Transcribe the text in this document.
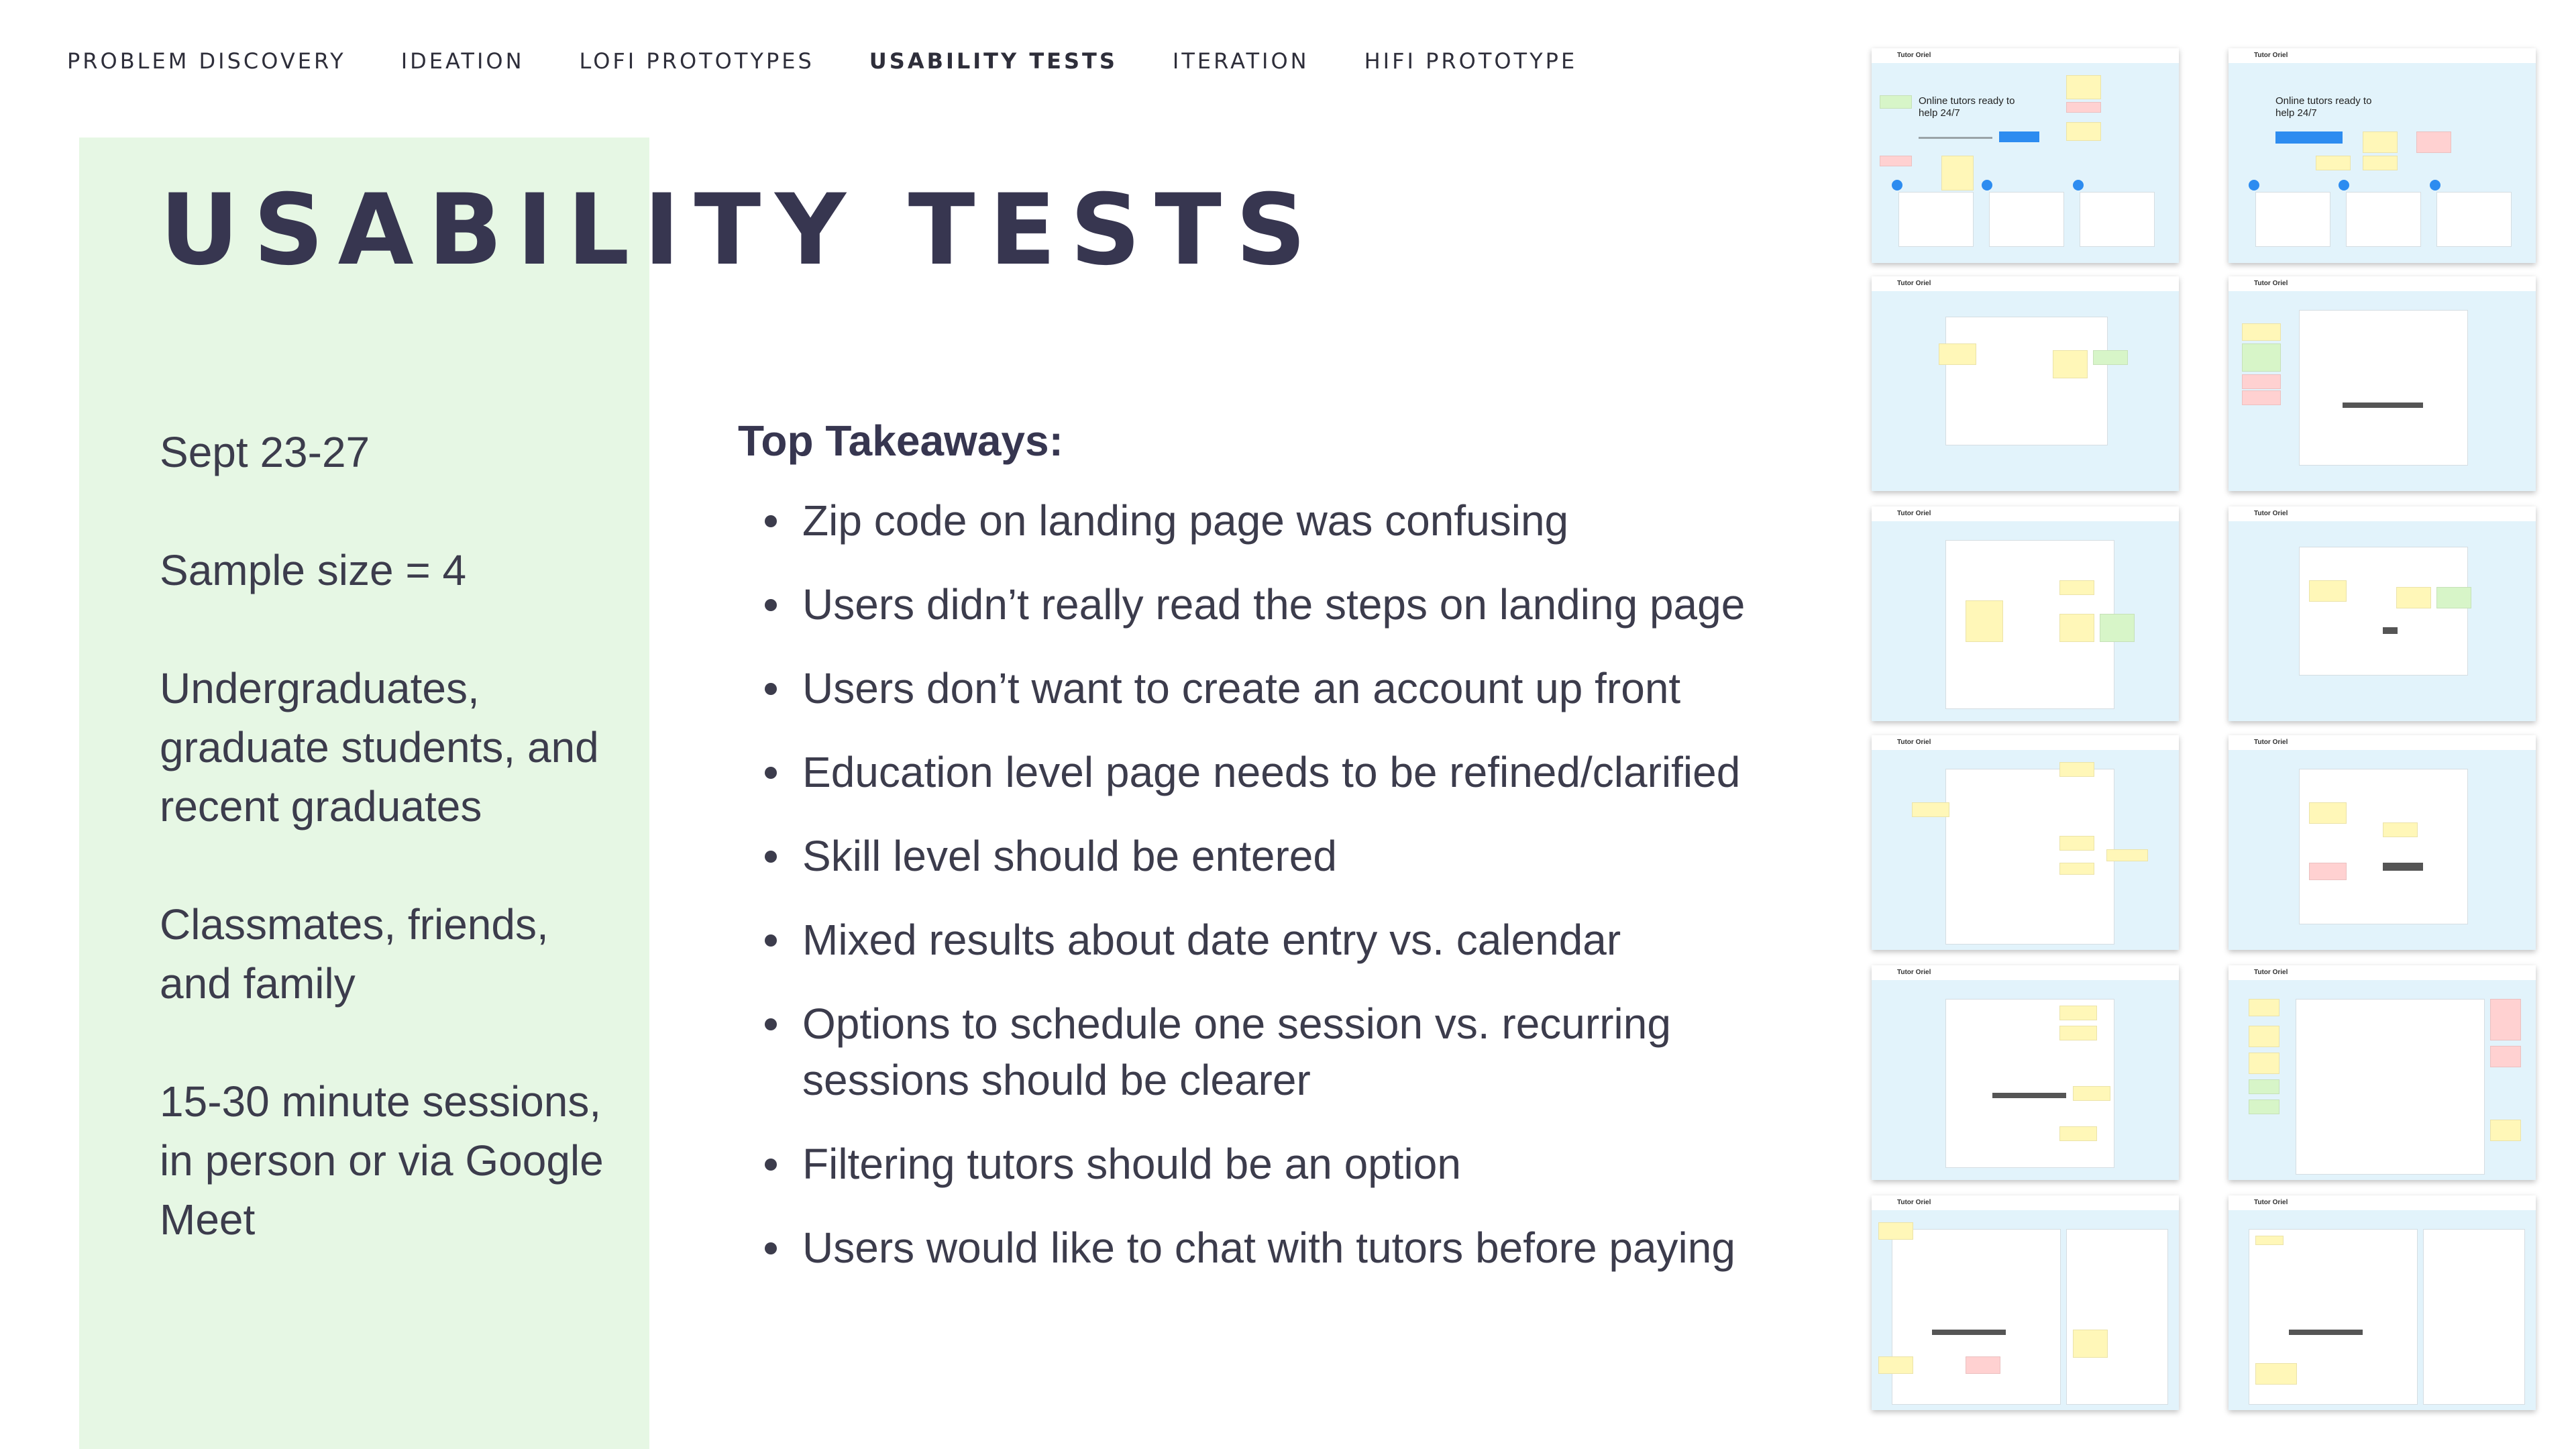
PROBLEM DISCOVERY	IDEATION	LOFI PROTOTYPES	USABILITY TESTS	ITERATION	HIFI PROTOTYPE
USABILITY TESTS

Sept 23-27

Sample size = 4

Undergraduates, graduate students, and recent graduates

Classmates, friends, and family

15-30 minute sessions, in person or via Google Meet

Top Takeaways:
Zip code on landing page was confusing
Users didn’t really read the steps on landing page
Users don’t want to create an account up front
Education level page needs to be refined/clarified
Skill level should be entered
Mixed results about date entry vs. calendar
Options to schedule one session vs. recurring sessions should be clearer
Filtering tutors should be an option
Users would like to chat with tutors before paying
Tutor Oriel
Online tutors ready to help 24/7
Tutor Oriel
Online tutors ready to help 24/7
Tutor Oriel	Tutor Oriel
Tutor Oriel	Tutor Oriel
Tutor Oriel	Tutor Oriel
Tutor Oriel	Tutor Oriel
Tutor Oriel	Tutor Oriel
